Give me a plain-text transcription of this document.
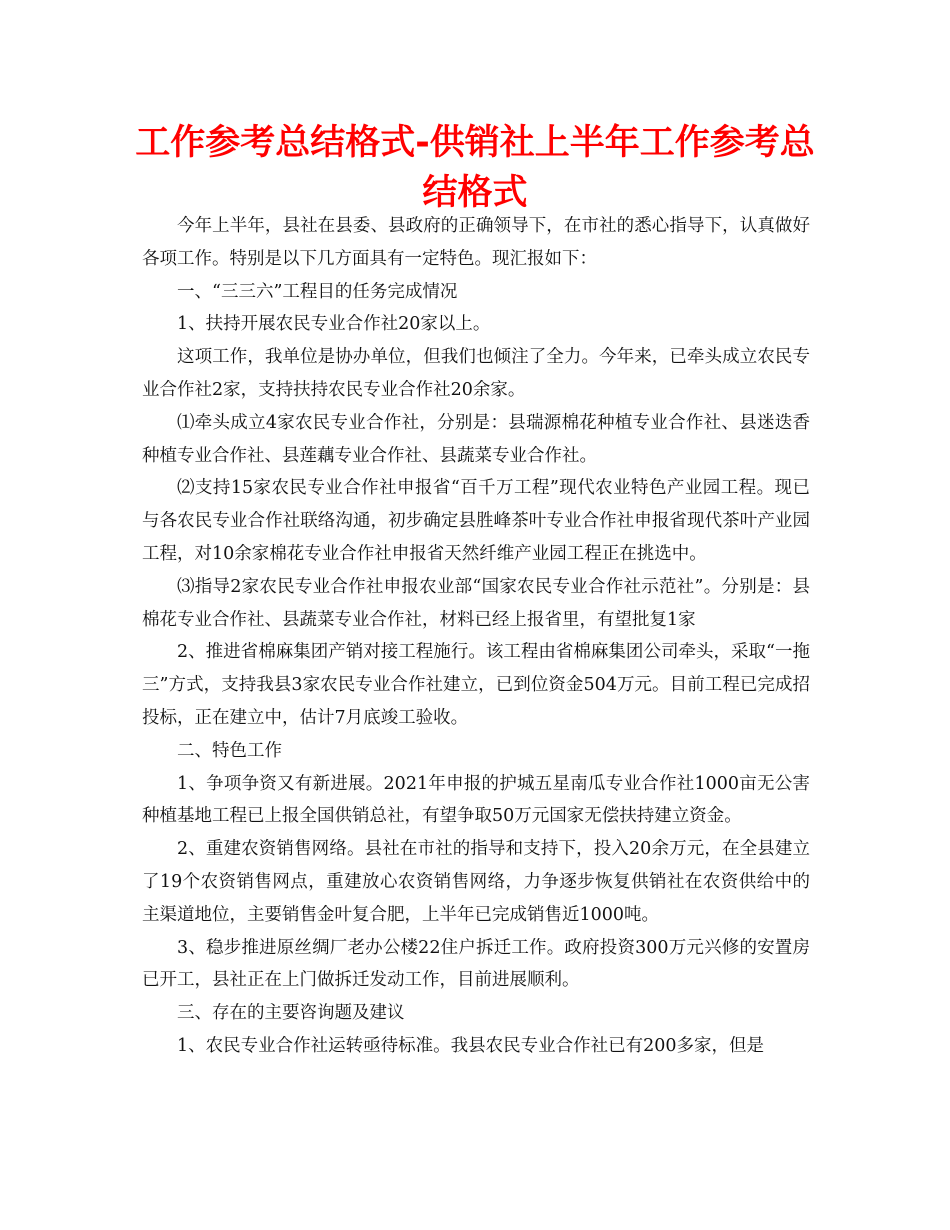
工作参考总结格式-供销社上半年工作参考总结格式

今年上半年，县社在县委、县政府的正确领导下，在市社的悉心指导下，认真做好各项工作。特别是以下几方面具有一定特色。现汇报如下：

一、“三三六”工程目的任务完成情况

1、扶持开展农民专业合作社20家以上。

这项工作，我单位是协办单位，但我们也倾注了全力。今年来，已牵头成立农民专业合作社2家，支持扶持农民专业合作社20余家。

⑴牵头成立4家农民专业合作社，分别是：县瑞源棉花种植专业合作社、县迷迭香种植专业合作社、县莲藕专业合作社、县蔬菜专业合作社。

⑵支持15家农民专业合作社申报省“百千万工程”现代农业特色产业园工程。现已与各农民专业合作社联络沟通，初步确定县胜峰茶叶专业合作社申报省现代茶叶产业园工程，对10余家棉花专业合作社申报省天然纤维产业园工程正在挑选中。

⑶指导2家农民专业合作社申报农业部“国家农民专业合作社示范社”。分别是：县棉花专业合作社、县蔬菜专业合作社，材料已经上报省里，有望批复1家

2、推进省棉麻集团产销对接工程施行。该工程由省棉麻集团公司牵头，采取“一拖三”方式，支持我县3家农民专业合作社建立，已到位资金504万元。目前工程已完成招投标，正在建立中，估计7月底竣工验收。

二、特色工作

1、争项争资又有新进展。2021年申报的护城五星南瓜专业合作社1000亩无公害种植基地工程已上报全国供销总社，有望争取50万元国家无偿扶持建立资金。

2、重建农资销售网络。县社在市社的指导和支持下，投入20余万元，在全县建立了19个农资销售网点，重建放心农资销售网络，力争逐步恢复供销社在农资供给中的主渠道地位，主要销售金叶复合肥，上半年已完成销售近1000吨。

3、稳步推进原丝绸厂老办公楼22住户拆迁工作。政府投资300万元兴修的安置房已开工，县社正在上门做拆迁发动工作，目前进展顺利。

三、存在的主要咨询题及建议

1、农民专业合作社运转亟待标准。我县农民专业合作社已有200多家，但是
